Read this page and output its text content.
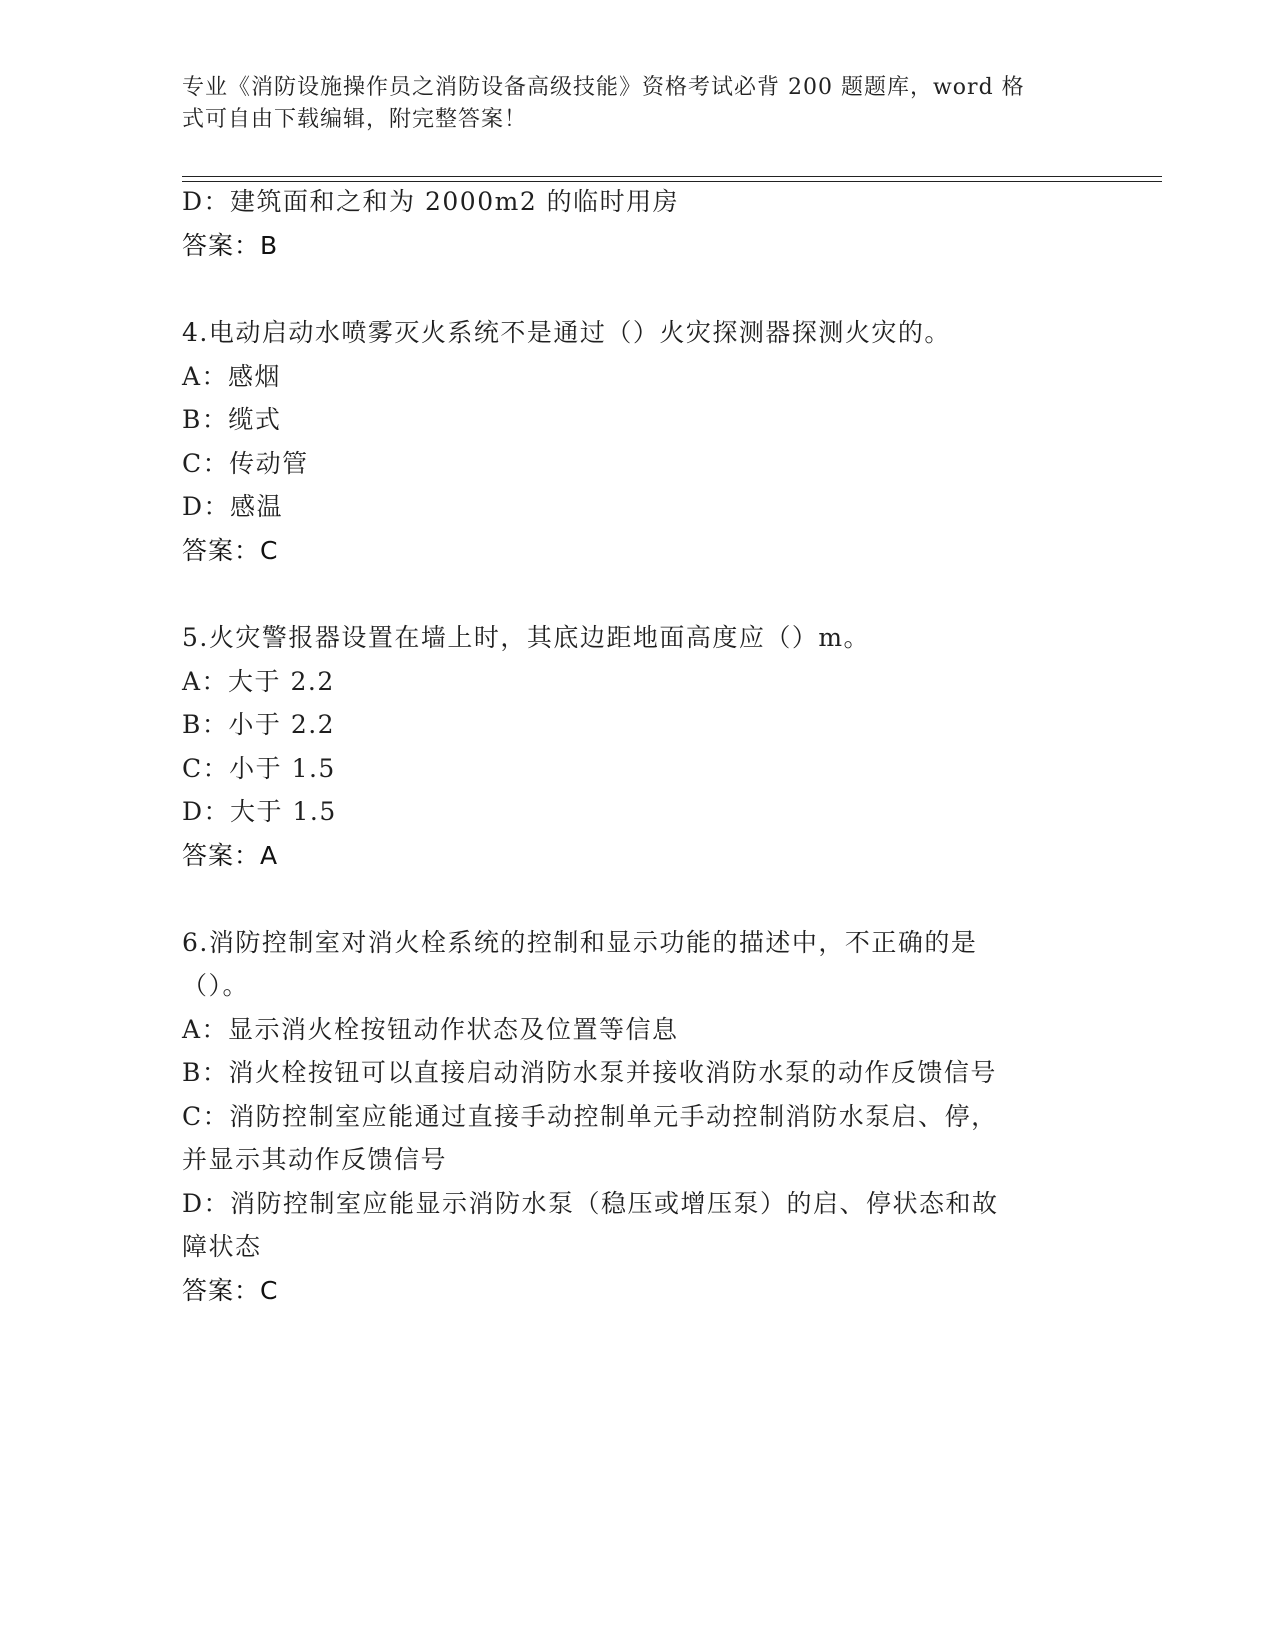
专业《消防设施操作员之消防设备高级技能》资格考试必背 200 题题库，word 格
式可自由下载编辑，附完整答案！
D：建筑面和之和为 2000m2 的临时用房
答案：B
4.电动启动水喷雾灭火系统不是通过（）火灾探测器探测火灾的。
A：感烟
B：缆式
C：传动管
D：感温
答案：C
5.火灾警报器设置在墙上时，其底边距地面高度应（）m。
A：大于 2.2
B：小于 2.2
C：小于 1.5
D：大于 1.5
答案：A
6.消防控制室对消火栓系统的控制和显示功能的描述中，不正确的是
（）。
A：显示消火栓按钮动作状态及位置等信息
B：消火栓按钮可以直接启动消防水泵并接收消防水泵的动作反馈信号
C：消防控制室应能通过直接手动控制单元手动控制消防水泵启、停，
并显示其动作反馈信号
D：消防控制室应能显示消防水泵（稳压或增压泵）的启、停状态和故
障状态
答案：C
